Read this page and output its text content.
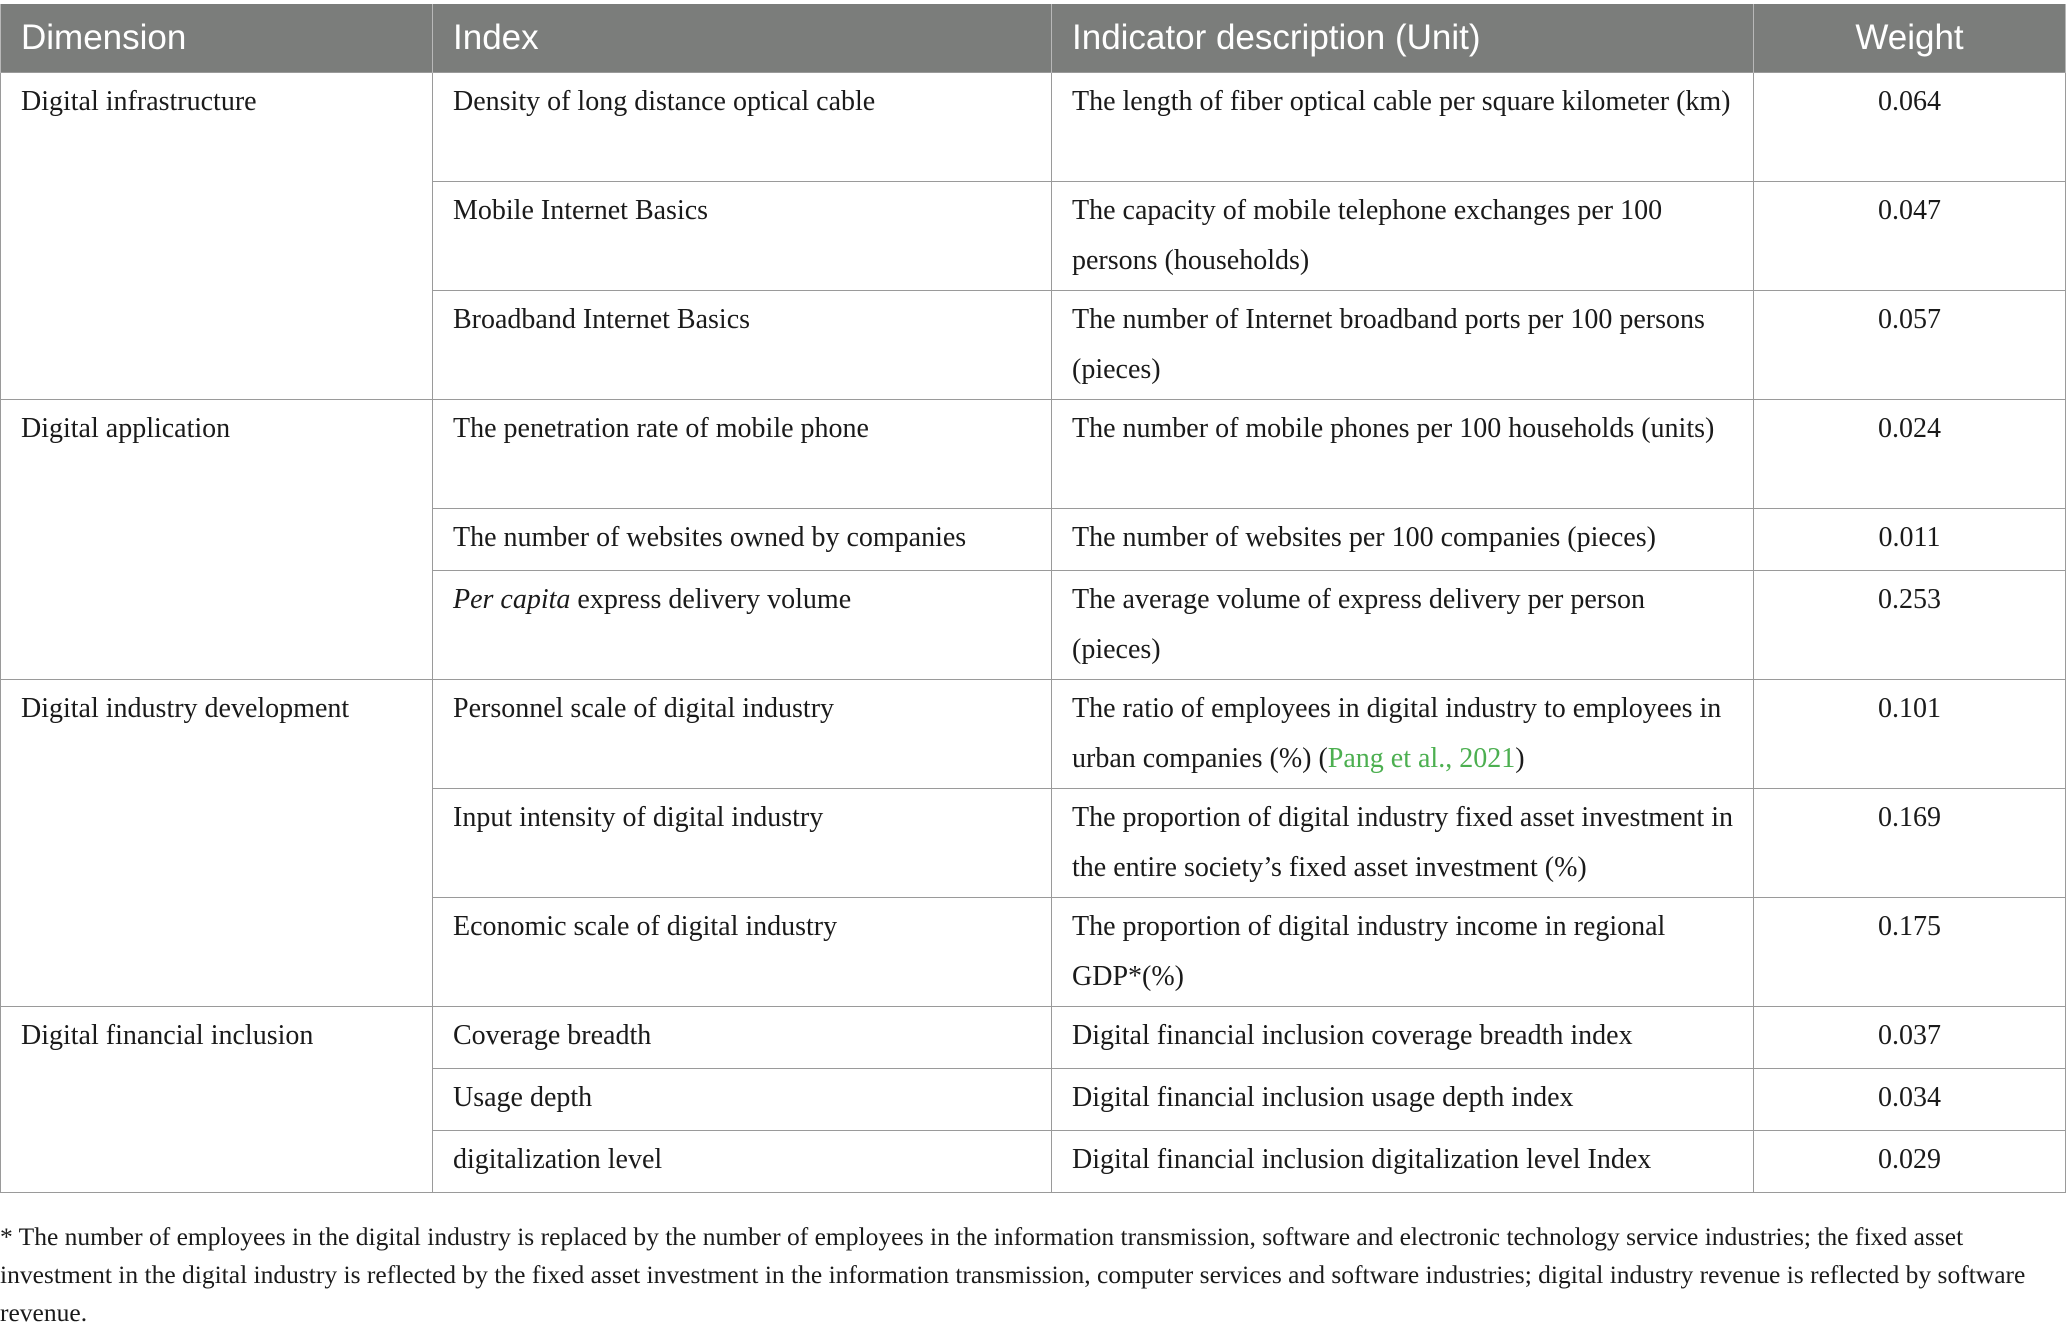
Dimension	Index	Indicator description (Unit)	Weight
Digital infrastructure	Density of long distance optical cable	The length of fiber optical cable per square kilometer (km)	0.064
	Mobile Internet Basics	The capacity of mobile telephone exchanges per 100 persons (households)	0.047
	Broadband Internet Basics	The number of Internet broadband ports per 100 persons (pieces)	0.057
Digital application	The penetration rate of mobile phone	The number of mobile phones per 100 households (units)	0.024
	The number of websites owned by companies	The number of websites per 100 companies (pieces)	0.011
	Per capita express delivery volume	The average volume of express delivery per person (pieces)	0.253
Digital industry development	Personnel scale of digital industry	The ratio of employees in digital industry to employees in urban companies (%) (Pang et al., 2021)	0.101
	Input intensity of digital industry	The proportion of digital industry fixed asset investment in the entire society’s fixed asset investment (%)	0.169
	Economic scale of digital industry	The proportion of digital industry income in regional GDP*(%)	0.175
Digital financial inclusion	Coverage breadth	Digital financial inclusion coverage breadth index	0.037
	Usage depth	Digital financial inclusion usage depth index	0.034
	digitalization level	Digital financial inclusion digitalization level Index	0.029
* The number of employees in the digital industry is replaced by the number of employees in the information transmission, software and electronic technology service industries; the fixed asset investment in the digital industry is reflected by the fixed asset investment in the information transmission, computer services and software industries; digital industry revenue is reflected by software revenue.
